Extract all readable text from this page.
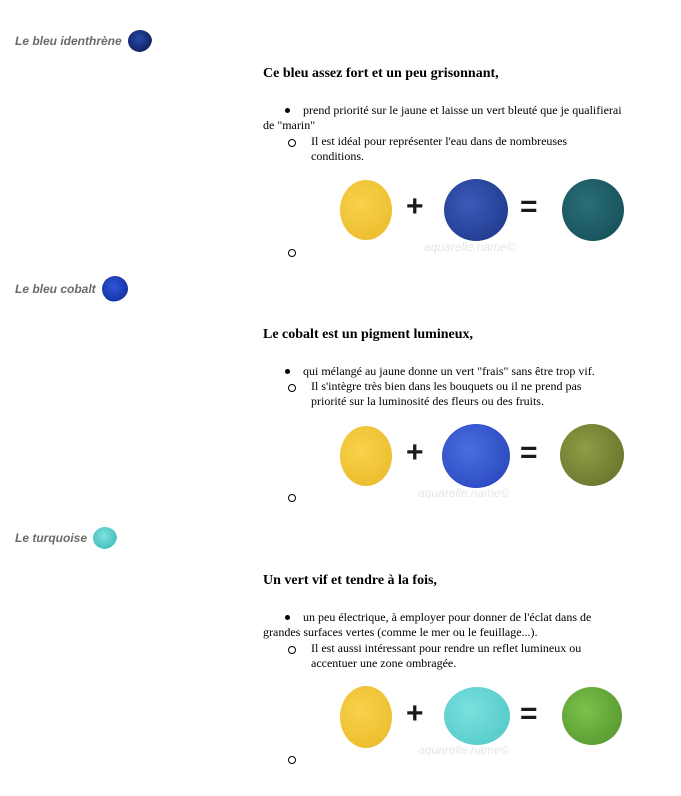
Le bleu identhrène
Ce bleu assez fort et un peu grisonnant,
prend priorité sur le jaune et laisse un vert bleuté que je qualifierai de "marin"
Il est idéal pour représenter l'eau dans de nombreuses conditions.
+	=
aquarelle.name©
Le bleu cobalt
Le cobalt est un pigment lumineux,
qui mélangé au jaune donne un vert "frais" sans être trop vif.
Il s'intègre très bien dans les bouquets ou il ne prend pas priorité sur la luminosité des fleurs ou des fruits.
+	=
aquarelle.name©
Le turquoise
Un vert vif et tendre à la fois,
un peu électrique, à employer pour donner de l'éclat dans de grandes surfaces vertes (comme le mer ou le feuillage...).
Il est aussi intéressant pour rendre un reflet lumineux ou accentuer une zone ombragée.
+	=
aquarelle.name©
